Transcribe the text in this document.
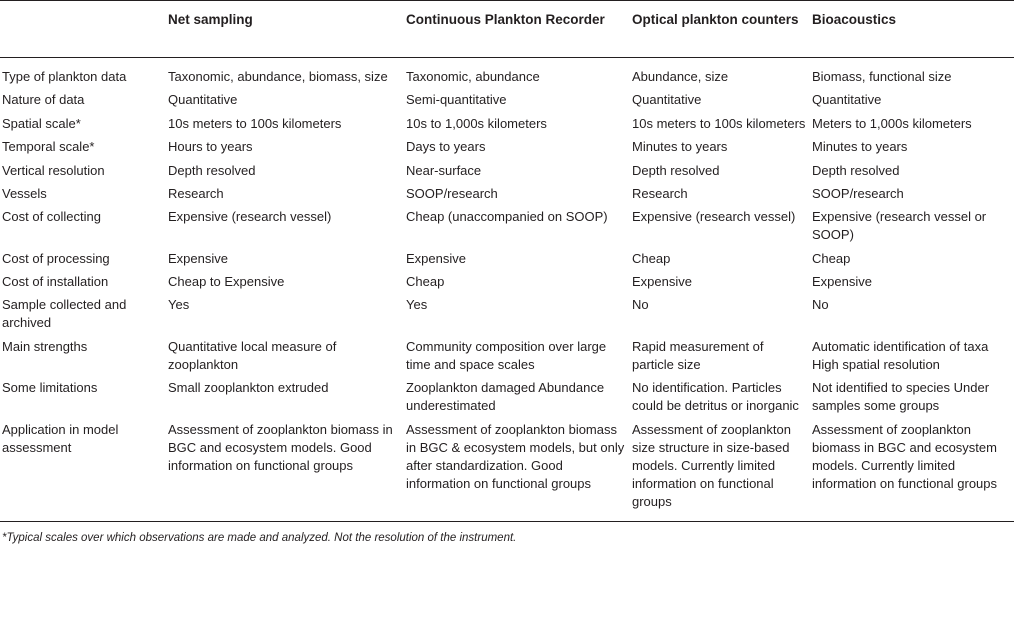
	Net sampling	Continuous Plankton Recorder	Optical plankton counters	Bioacoustics
Type of plankton data	Taxonomic, abundance, biomass, size	Taxonomic, abundance	Abundance, size	Biomass, functional size
Nature of data	Quantitative	Semi-quantitative	Quantitative	Quantitative
Spatial scale*	10s meters to 100s kilometers	10s to 1,000s kilometers	10s meters to 100s kilometers	Meters to 1,000s kilometers
Temporal scale*	Hours to years	Days to years	Minutes to years	Minutes to years
Vertical resolution	Depth resolved	Near-surface	Depth resolved	Depth resolved
Vessels	Research	SOOP/research	Research	SOOP/research
Cost of collecting	Expensive (research vessel)	Cheap (unaccompanied on SOOP)	Expensive (research vessel)	Expensive (research vessel or SOOP)
Cost of processing	Expensive	Expensive	Cheap	Cheap
Cost of installation	Cheap to Expensive	Cheap	Expensive	Expensive
Sample collected and archived	Yes	Yes	No	No
Main strengths	Quantitative local measure of zooplankton	Community composition over large time and space scales	Rapid measurement of particle size	Automatic identification of taxa High spatial resolution
Some limitations	Small zooplankton extruded	Zooplankton damaged Abundance underestimated	No identification. Particles could be detritus or inorganic	Not identified to species Under samples some groups
Application in model assessment	Assessment of zooplankton biomass in BGC and ecosystem models. Good information on functional groups	Assessment of zooplankton biomass in BGC & ecosystem models, but only after standardization. Good information on functional groups	Assessment of zooplankton size structure in size-based models. Currently limited information on functional groups	Assessment of zooplankton biomass in BGC and ecosystem models. Currently limited information on functional groups
*Typical scales over which observations are made and analyzed. Not the resolution of the instrument.
